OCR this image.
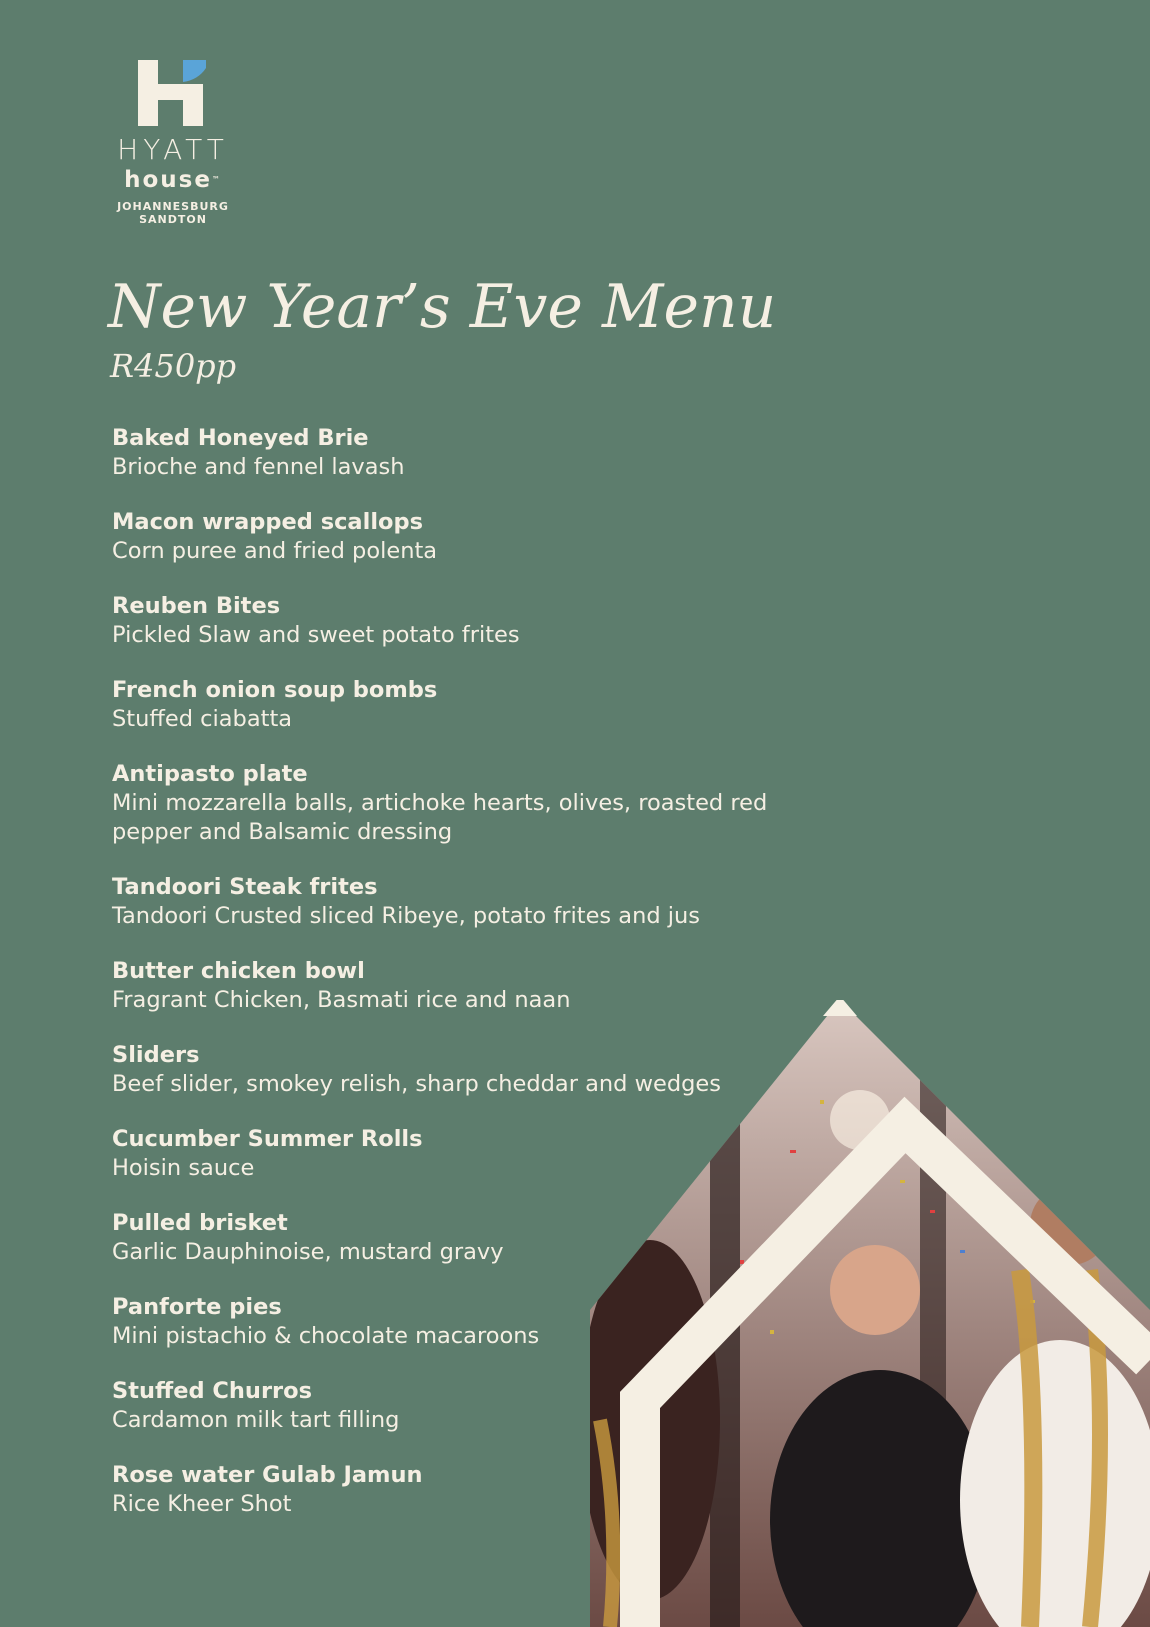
HYATT
house™
JOHANNESBURG
SANDTON
New Year’s Eve Menu
R450pp
Baked Honeyed Brie
Brioche and fennel lavash
Macon wrapped scallops
Corn puree and fried polenta
Reuben Bites
Pickled Slaw and sweet potato frites
French onion soup bombs
Stuffed ciabatta
Antipasto plate
Mini mozzarella balls, artichoke hearts, olives, roasted red pepper and Balsamic dressing
Tandoori Steak frites
Tandoori Crusted sliced Ribeye, potato frites and jus
Butter chicken bowl
Fragrant Chicken, Basmati rice and naan
Sliders
Beef slider, smokey relish, sharp cheddar and wedges
Cucumber Summer Rolls
Hoisin sauce
Pulled brisket
Garlic Dauphinoise, mustard gravy
Panforte pies
Mini pistachio & chocolate macaroons
Stuffed Churros
Cardamon milk tart filling
Rose water Gulab Jamun
Rice Kheer Shot
